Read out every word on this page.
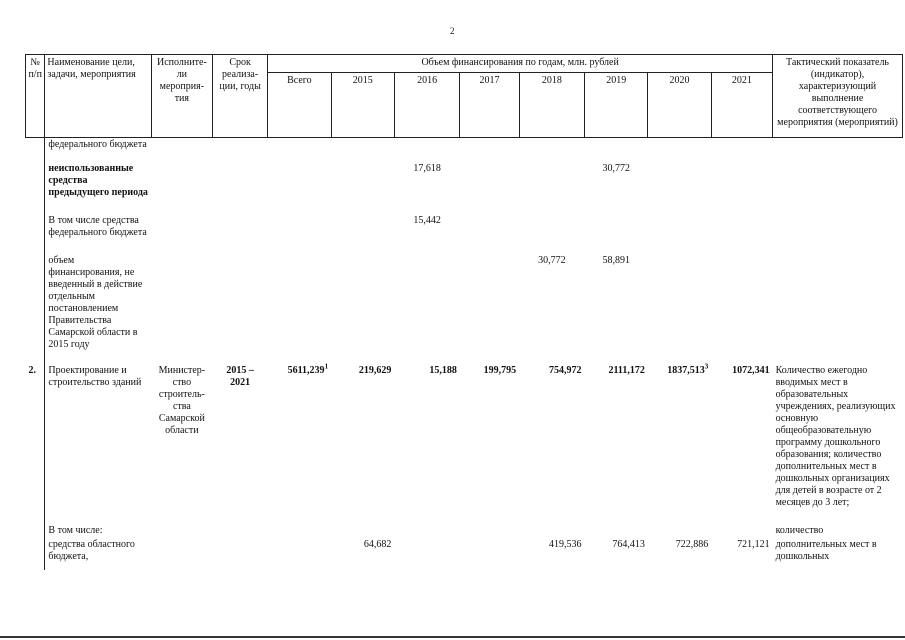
2
№ п/п	Наименование цели, задачи, мероприятия	Исполните-ли мероприя-тия	Срок реализа-ции, годы	Объем финансирования по годам, млн. рублей								Тактический показатель (индикатор), характеризующий выполнение соответствующего мероприятия (мероприятий)
				Всего	2015	2016	2017	2018	2019	2020	2021	
	федерального бюджета											
	неиспользованные средства предыдущего периода					17,618			30,772			
	В том числе средства федерального бюджета					15,442						
	объем финансирования, не введенный в действие отдельным постановлением Правительства Самарской области в 2015 году							30,772	58,891			
2.	Проектирование и строительство зданий	Министер-ство строитель-ства Самарской области	2015 – 2021	5611,239$^1$	219,629	15,188	199,795	754,972	2111,172	1837,513$^3$	1072,341	Количество ежегодно вводимых мест в образовательных учреждениях, реализующих основную общеобразовательную программу дошкольного образования; количество дополнительных мест в дошкольных организациях для детей в возрасте от 2 месяцев до 3 лет;
	В том числе:											количество
	средства областного бюджета,				64,682			419,536	764,413	722,886	721,121	дополнительных мест в дошкольных
